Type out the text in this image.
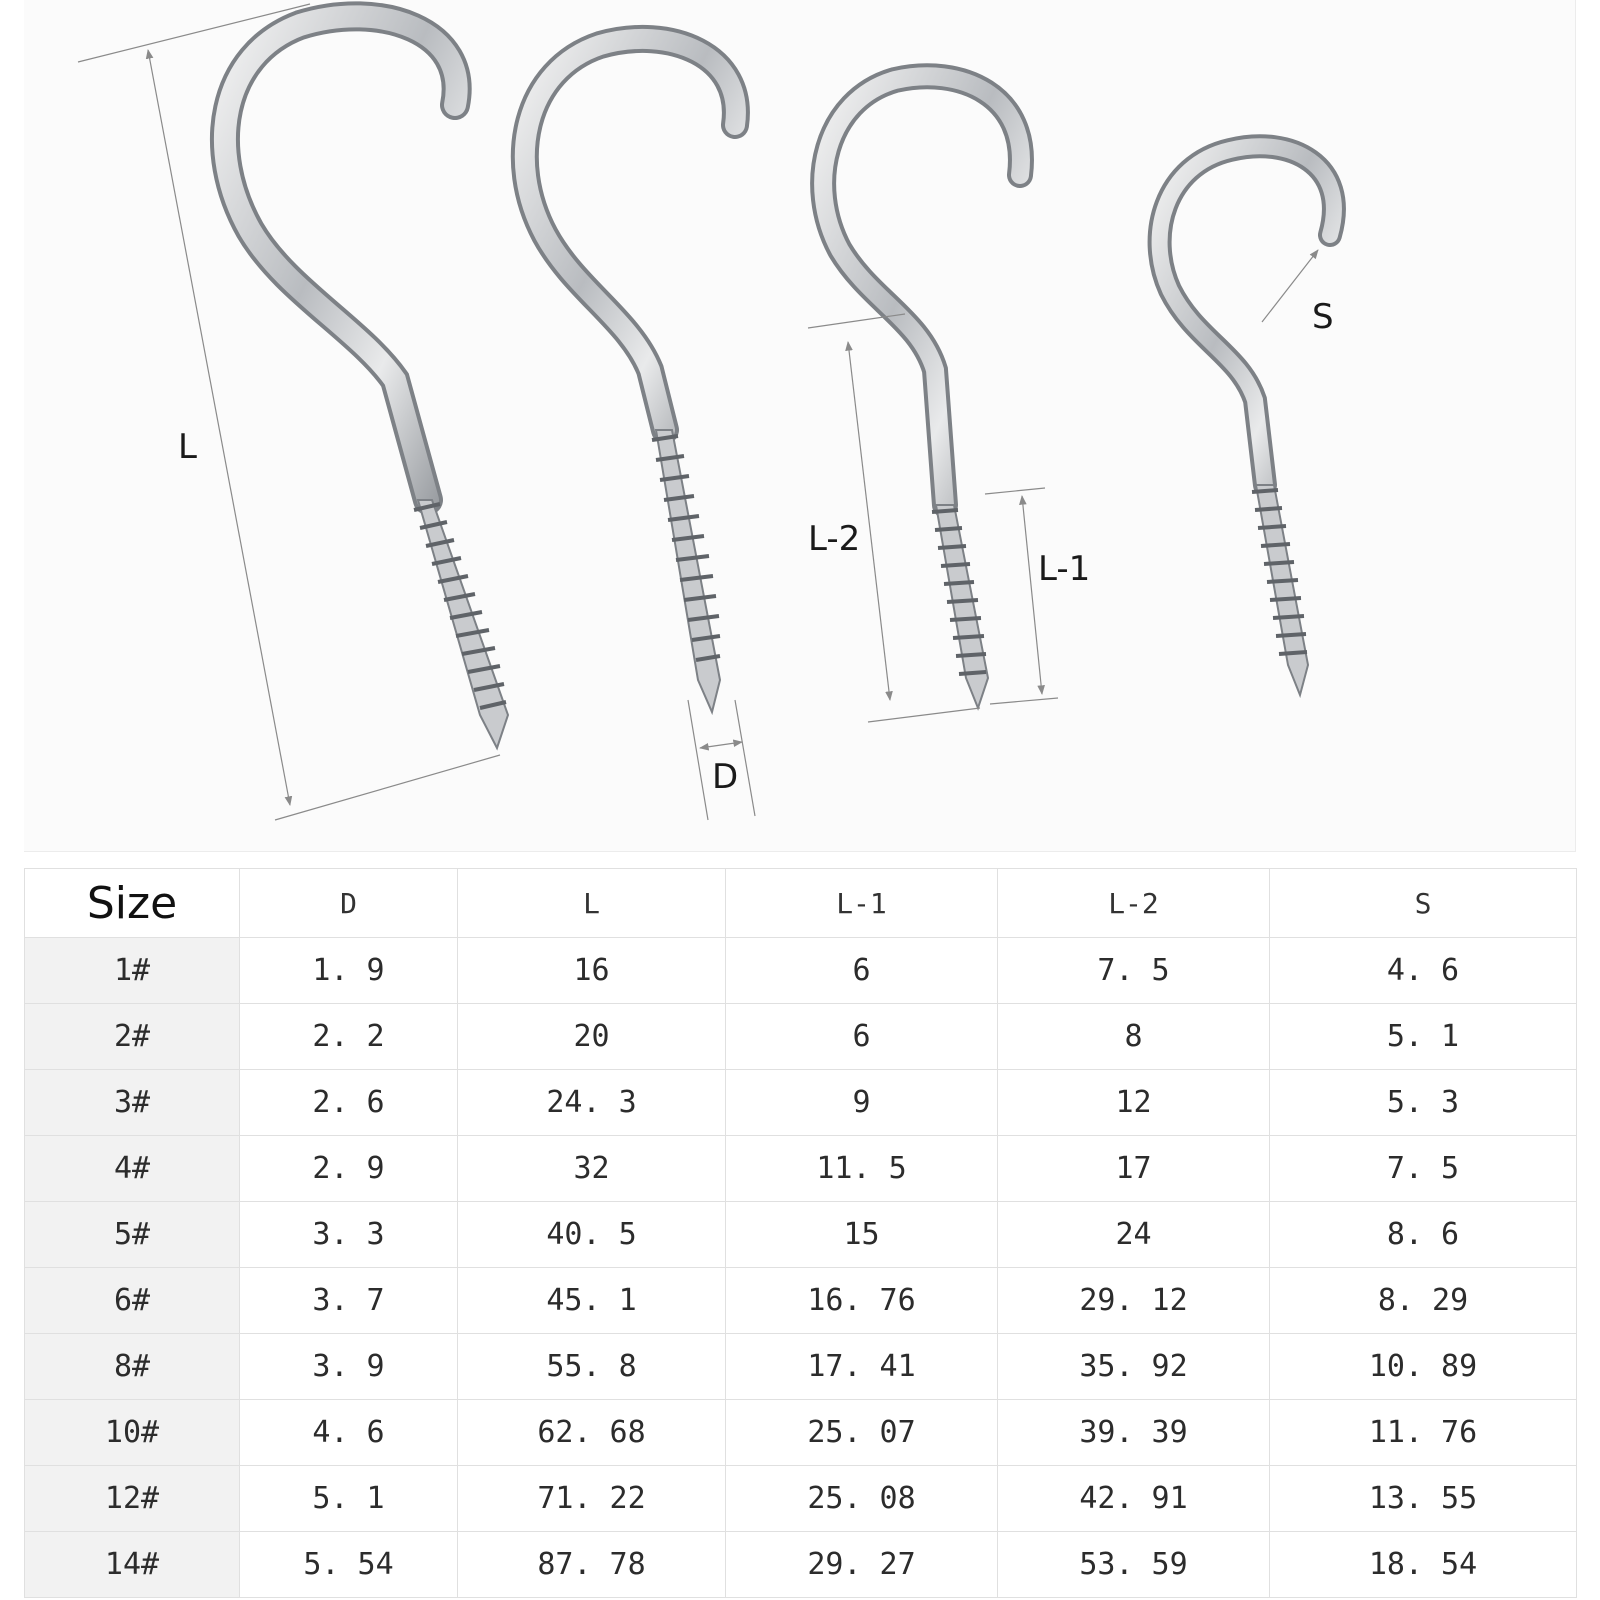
L
D
L-2
L-1
S
Size	D	L	L-1	L-2	S
1#	1. 9	16	6	7. 5	4. 6
2#	2. 2	20	6	8	5. 1
3#	2. 6	24. 3	9	12	5. 3
4#	2. 9	32	11. 5	17	7. 5
5#	3. 3	40. 5	15	24	8. 6
6#	3. 7	45. 1	16. 76	29. 12	8. 29
8#	3. 9	55. 8	17. 41	35. 92	10. 89
10#	4. 6	62. 68	25. 07	39. 39	11. 76
12#	5. 1	71. 22	25. 08	42. 91	13. 55
14#	5. 54	87. 78	29. 27	53. 59	18. 54
